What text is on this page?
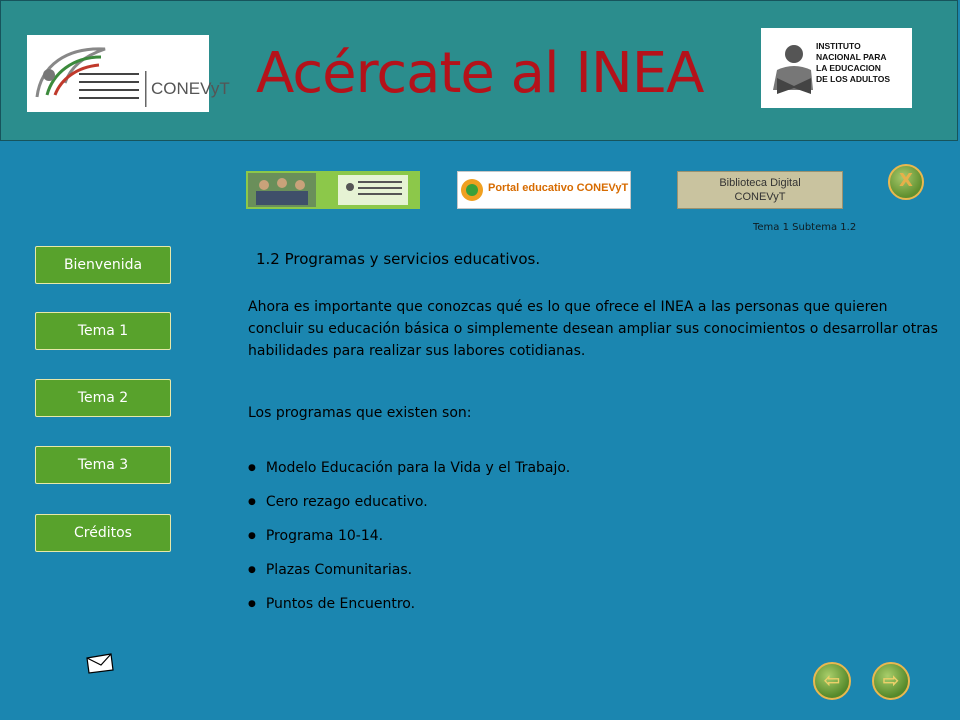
CONEVyT Acércate al INEA	INSTITUTO
NACIONAL PARA
LA EDUCACION
DE LOS ADULTOS
Portal educativo CONEVyT	Biblioteca Digital
CONEVyT
X
Tema 1 Subtema 1.2
Bienvenida
Tema 1
Tema 2
Tema 3
Créditos
1.2 Programas y servicios educativos.

Ahora es importante que conozcas qué es lo que ofrece el INEA a las personas que quieren concluir su educación básica o simplemente desean ampliar sus conocimientos o desarrollar otras habilidades para realizar sus labores cotidianas.

Los programas que existen son:

● Modelo Educación para la Vida y el Trabajo.
● Cero rezago educativo.
● Programa 10-14.
● Plazas Comunitarias.
● Puntos de Encuentro.
⇦	⇨
